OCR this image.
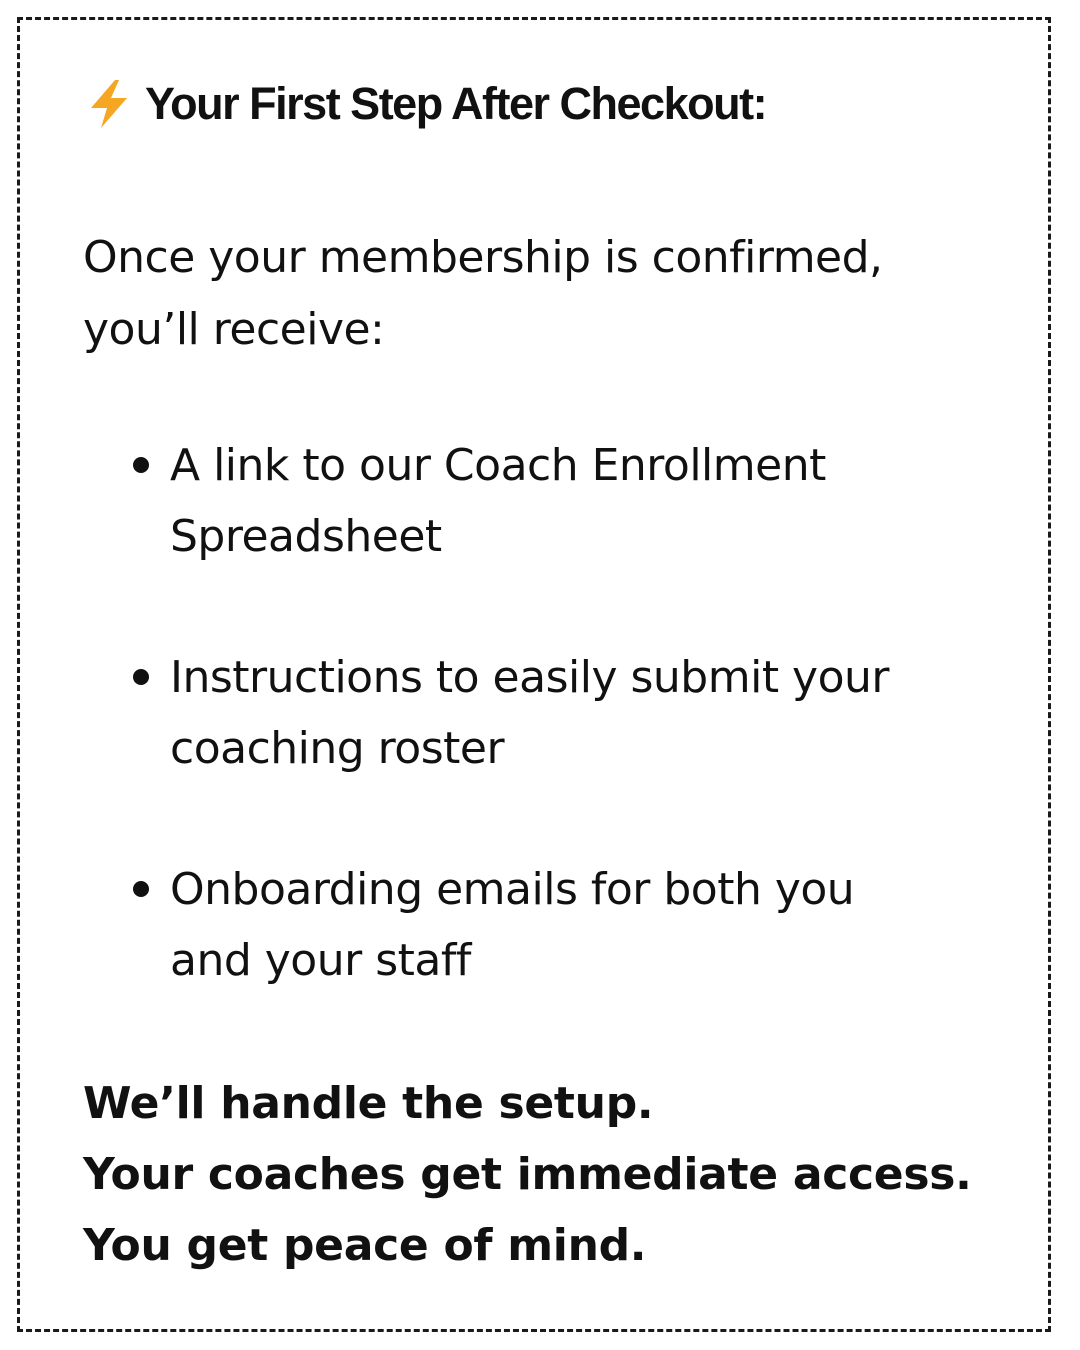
Your First Step After Checkout:
Once your membership is confirmed,
you’ll receive:
A link to our Coach Enrollment
Spreadsheet
Instructions to easily submit your
coaching roster
Onboarding emails for both you
and your staff
We’ll handle the setup.
Your coaches get immediate access.
You get peace of mind.
